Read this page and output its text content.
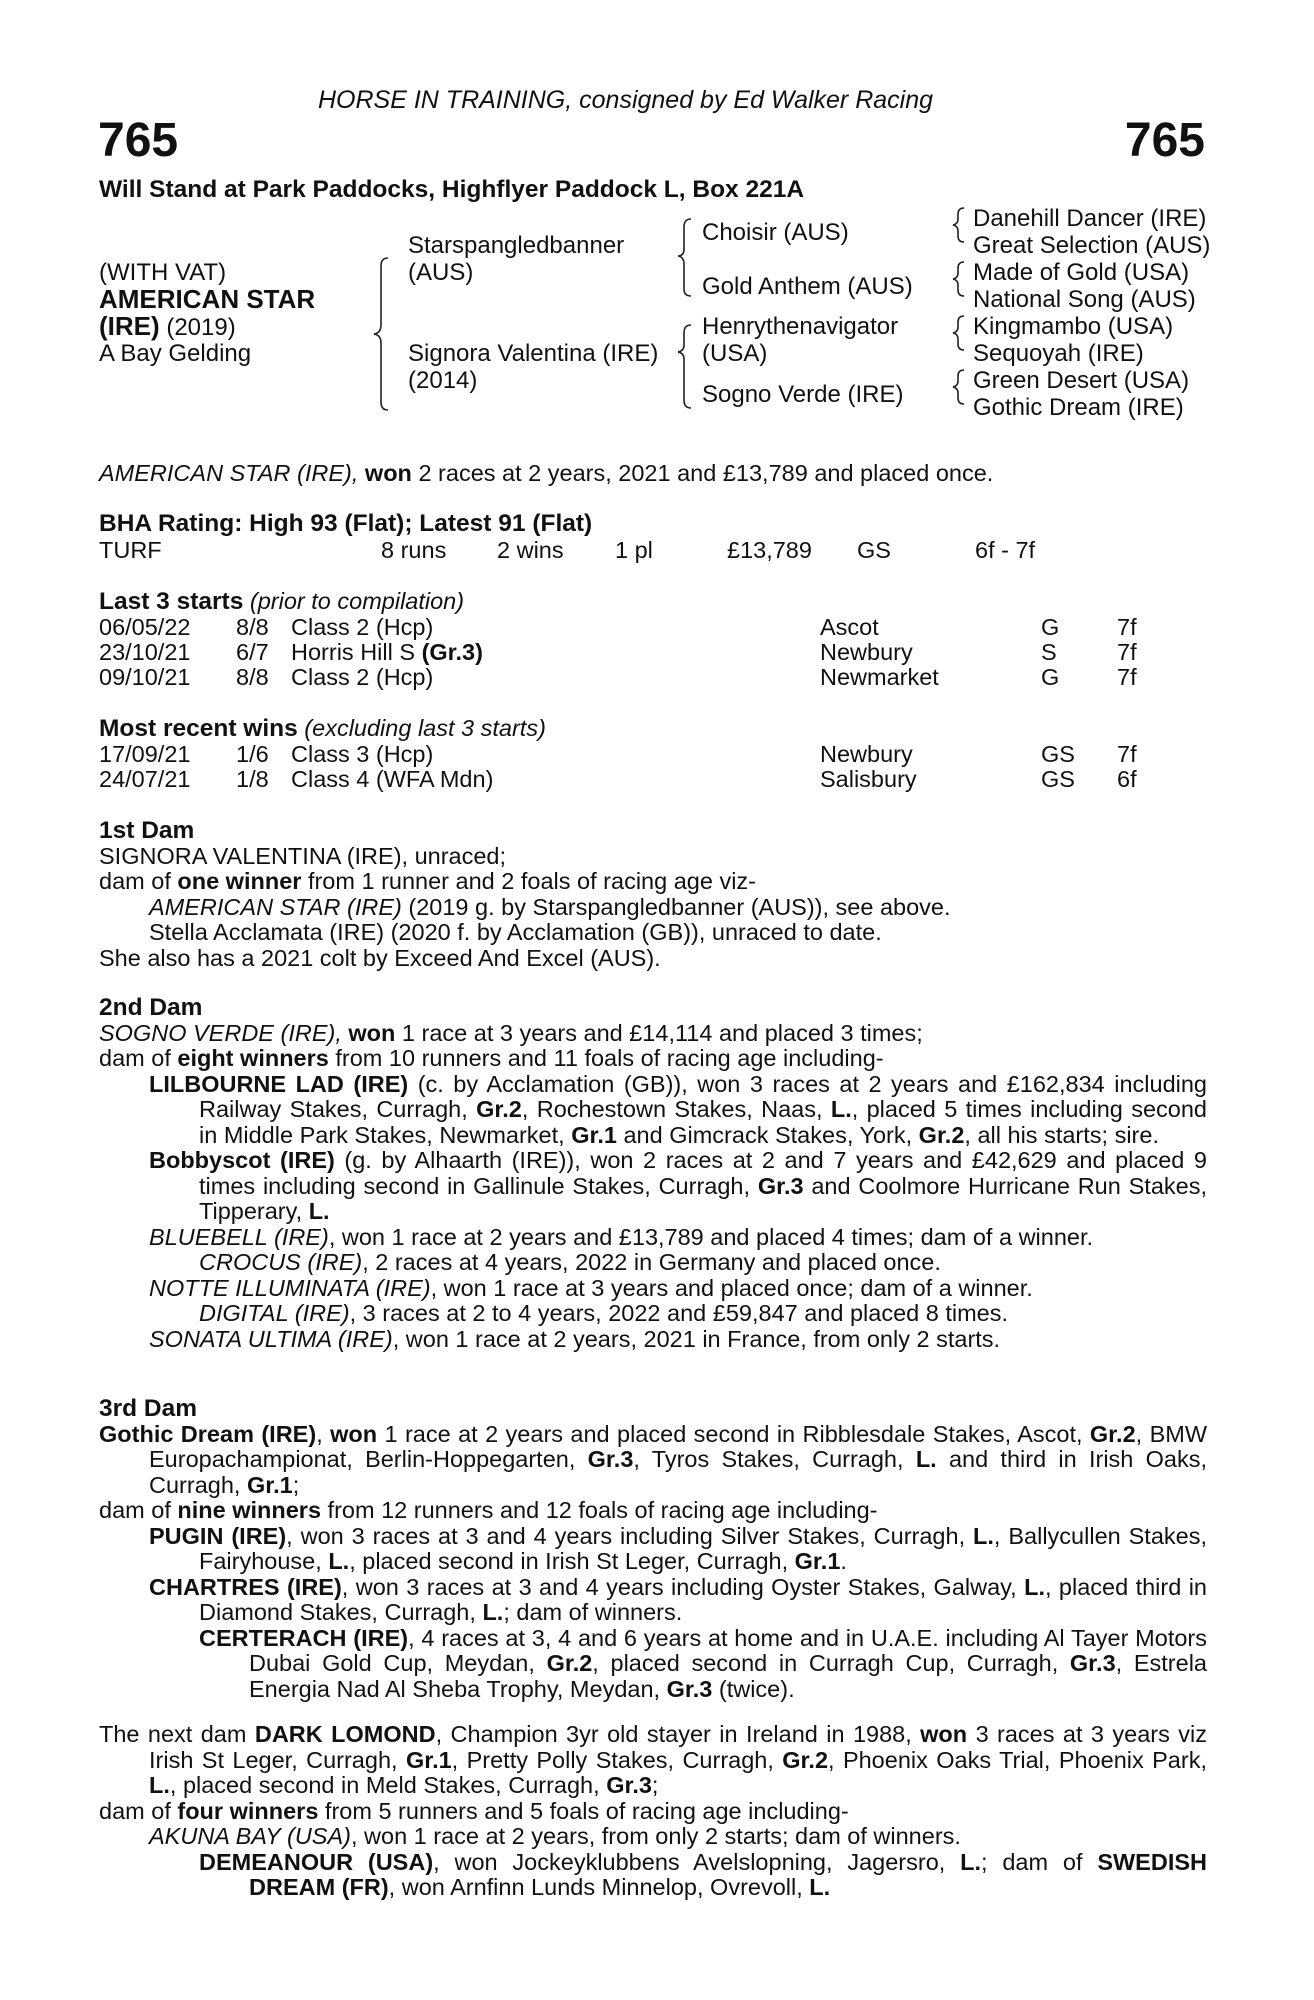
HORSE IN TRAINING, consigned by Ed Walker Racing
765	765
Will Stand at Park Paddocks, Highflyer Paddock L, Box 221A
(WITH VAT)
AMERICAN STAR
(IRE) (2019)
A Bay Gelding
Starspangledbanner
(AUS)
Signora Valentina (IRE)
(2014)
Choisir (AUS)
Gold Anthem (AUS)
Henrythenavigator
(USA)
Sogno Verde (IRE)
Danehill Dancer (IRE)
Great Selection (AUS)
Made of Gold (USA)
National Song (AUS)
Kingmambo (USA)
Sequoyah (IRE)
Green Desert (USA)
Gothic Dream (IRE)
AMERICAN STAR (IRE), won 2 races at 2 years, 2021 and £13,789 and placed once.
BHA Rating: High 93 (Flat); Latest 91 (Flat)
TURF	8 runs 2 wins 1 pl	£13,789 GS	6f - 7f
Last 3 starts (prior to compilation)
06/05/22 8/8 Class 2 (Hcp)	Ascot	G 7f
23/10/21 6/7 Horris Hill S (Gr.3)	Newbury	S	7f
09/10/21 8/8 Class 2 (Hcp)	Newmarket	G 7f
Most recent wins (excluding last 3 starts)
17/09/21 1/6 Class 3 (Hcp)	Newbury	GS 7f
24/07/21 1/8 Class 4 (WFA Mdn)	Salisbury	GS 6f

1st Dam

SIGNORA VALENTINA (IRE), unraced;

dam of one winner from 1 runner and 2 foals of racing age viz-

AMERICAN STAR (IRE) (2019 g. by Starspangledbanner (AUS)), see above.

Stella Acclamata (IRE) (2020 f. by Acclamation (GB)), unraced to date.

She also has a 2021 colt by Exceed And Excel (AUS).

2nd Dam

SOGNO VERDE (IRE), won 1 race at 3 years and £14,114 and placed 3 times;

dam of eight winners from 10 runners and 11 foals of racing age including-

LILBOURNE LAD (IRE) (c. by Acclamation (GB)), won 3 races at 2 years and £162,834 including Railway Stakes, Curragh, Gr.2, Rochestown Stakes, Naas, L., placed 5 times including second in Middle Park Stakes, Newmarket, Gr.1 and Gimcrack Stakes, York, Gr.2, all his starts; sire.

Bobbyscot (IRE) (g. by Alhaarth (IRE)), won 2 races at 2 and 7 years and £42,629 and placed 9 times including second in Gallinule Stakes, Curragh, Gr.3 and Coolmore Hurricane Run Stakes, Tipperary, L.

BLUEBELL (IRE), won 1 race at 2 years and £13,789 and placed 4 times; dam of a winner.

CROCUS (IRE), 2 races at 4 years, 2022 in Germany and placed once.

NOTTE ILLUMINATA (IRE), won 1 race at 3 years and placed once; dam of a winner.

DIGITAL (IRE), 3 races at 2 to 4 years, 2022 and £59,847 and placed 8 times.

SONATA ULTIMA (IRE), won 1 race at 2 years, 2021 in France, from only 2 starts.

3rd Dam

Gothic Dream (IRE), won 1 race at 2 years and placed second in Ribblesdale Stakes, Ascot, Gr.2, BMW Europachampionat, Berlin-Hoppegarten, Gr.3, Tyros Stakes, Curragh, L. and third in Irish Oaks, Curragh, Gr.1;

dam of nine winners from 12 runners and 12 foals of racing age including-

PUGIN (IRE), won 3 races at 3 and 4 years including Silver Stakes, Curragh, L., Ballycullen Stakes, Fairyhouse, L., placed second in Irish St Leger, Curragh, Gr.1.

CHARTRES (IRE), won 3 races at 3 and 4 years including Oyster Stakes, Galway, L., placed third in Diamond Stakes, Curragh, L.; dam of winners.

CERTERACH (IRE), 4 races at 3, 4 and 6 years at home and in U.A.E. including Al Tayer Motors Dubai Gold Cup, Meydan, Gr.2, placed second in Curragh Cup, Curragh, Gr.3, Estrela Energia Nad Al Sheba Trophy, Meydan, Gr.3 (twice).

The next dam DARK LOMOND, Champion 3yr old stayer in Ireland in 1988, won 3 races at 3 years viz Irish St Leger, Curragh, Gr.1, Pretty Polly Stakes, Curragh, Gr.2, Phoenix Oaks Trial, Phoenix Park, L., placed second in Meld Stakes, Curragh, Gr.3;

dam of four winners from 5 runners and 5 foals of racing age including-

AKUNA BAY (USA), won 1 race at 2 years, from only 2 starts; dam of winners.

DEMEANOUR (USA), won Jockeyklubbens Avelslopning, Jagersro, L.; dam of SWEDISH DREAM (FR), won Arnfinn Lunds Minnelop, Ovrevoll, L.
